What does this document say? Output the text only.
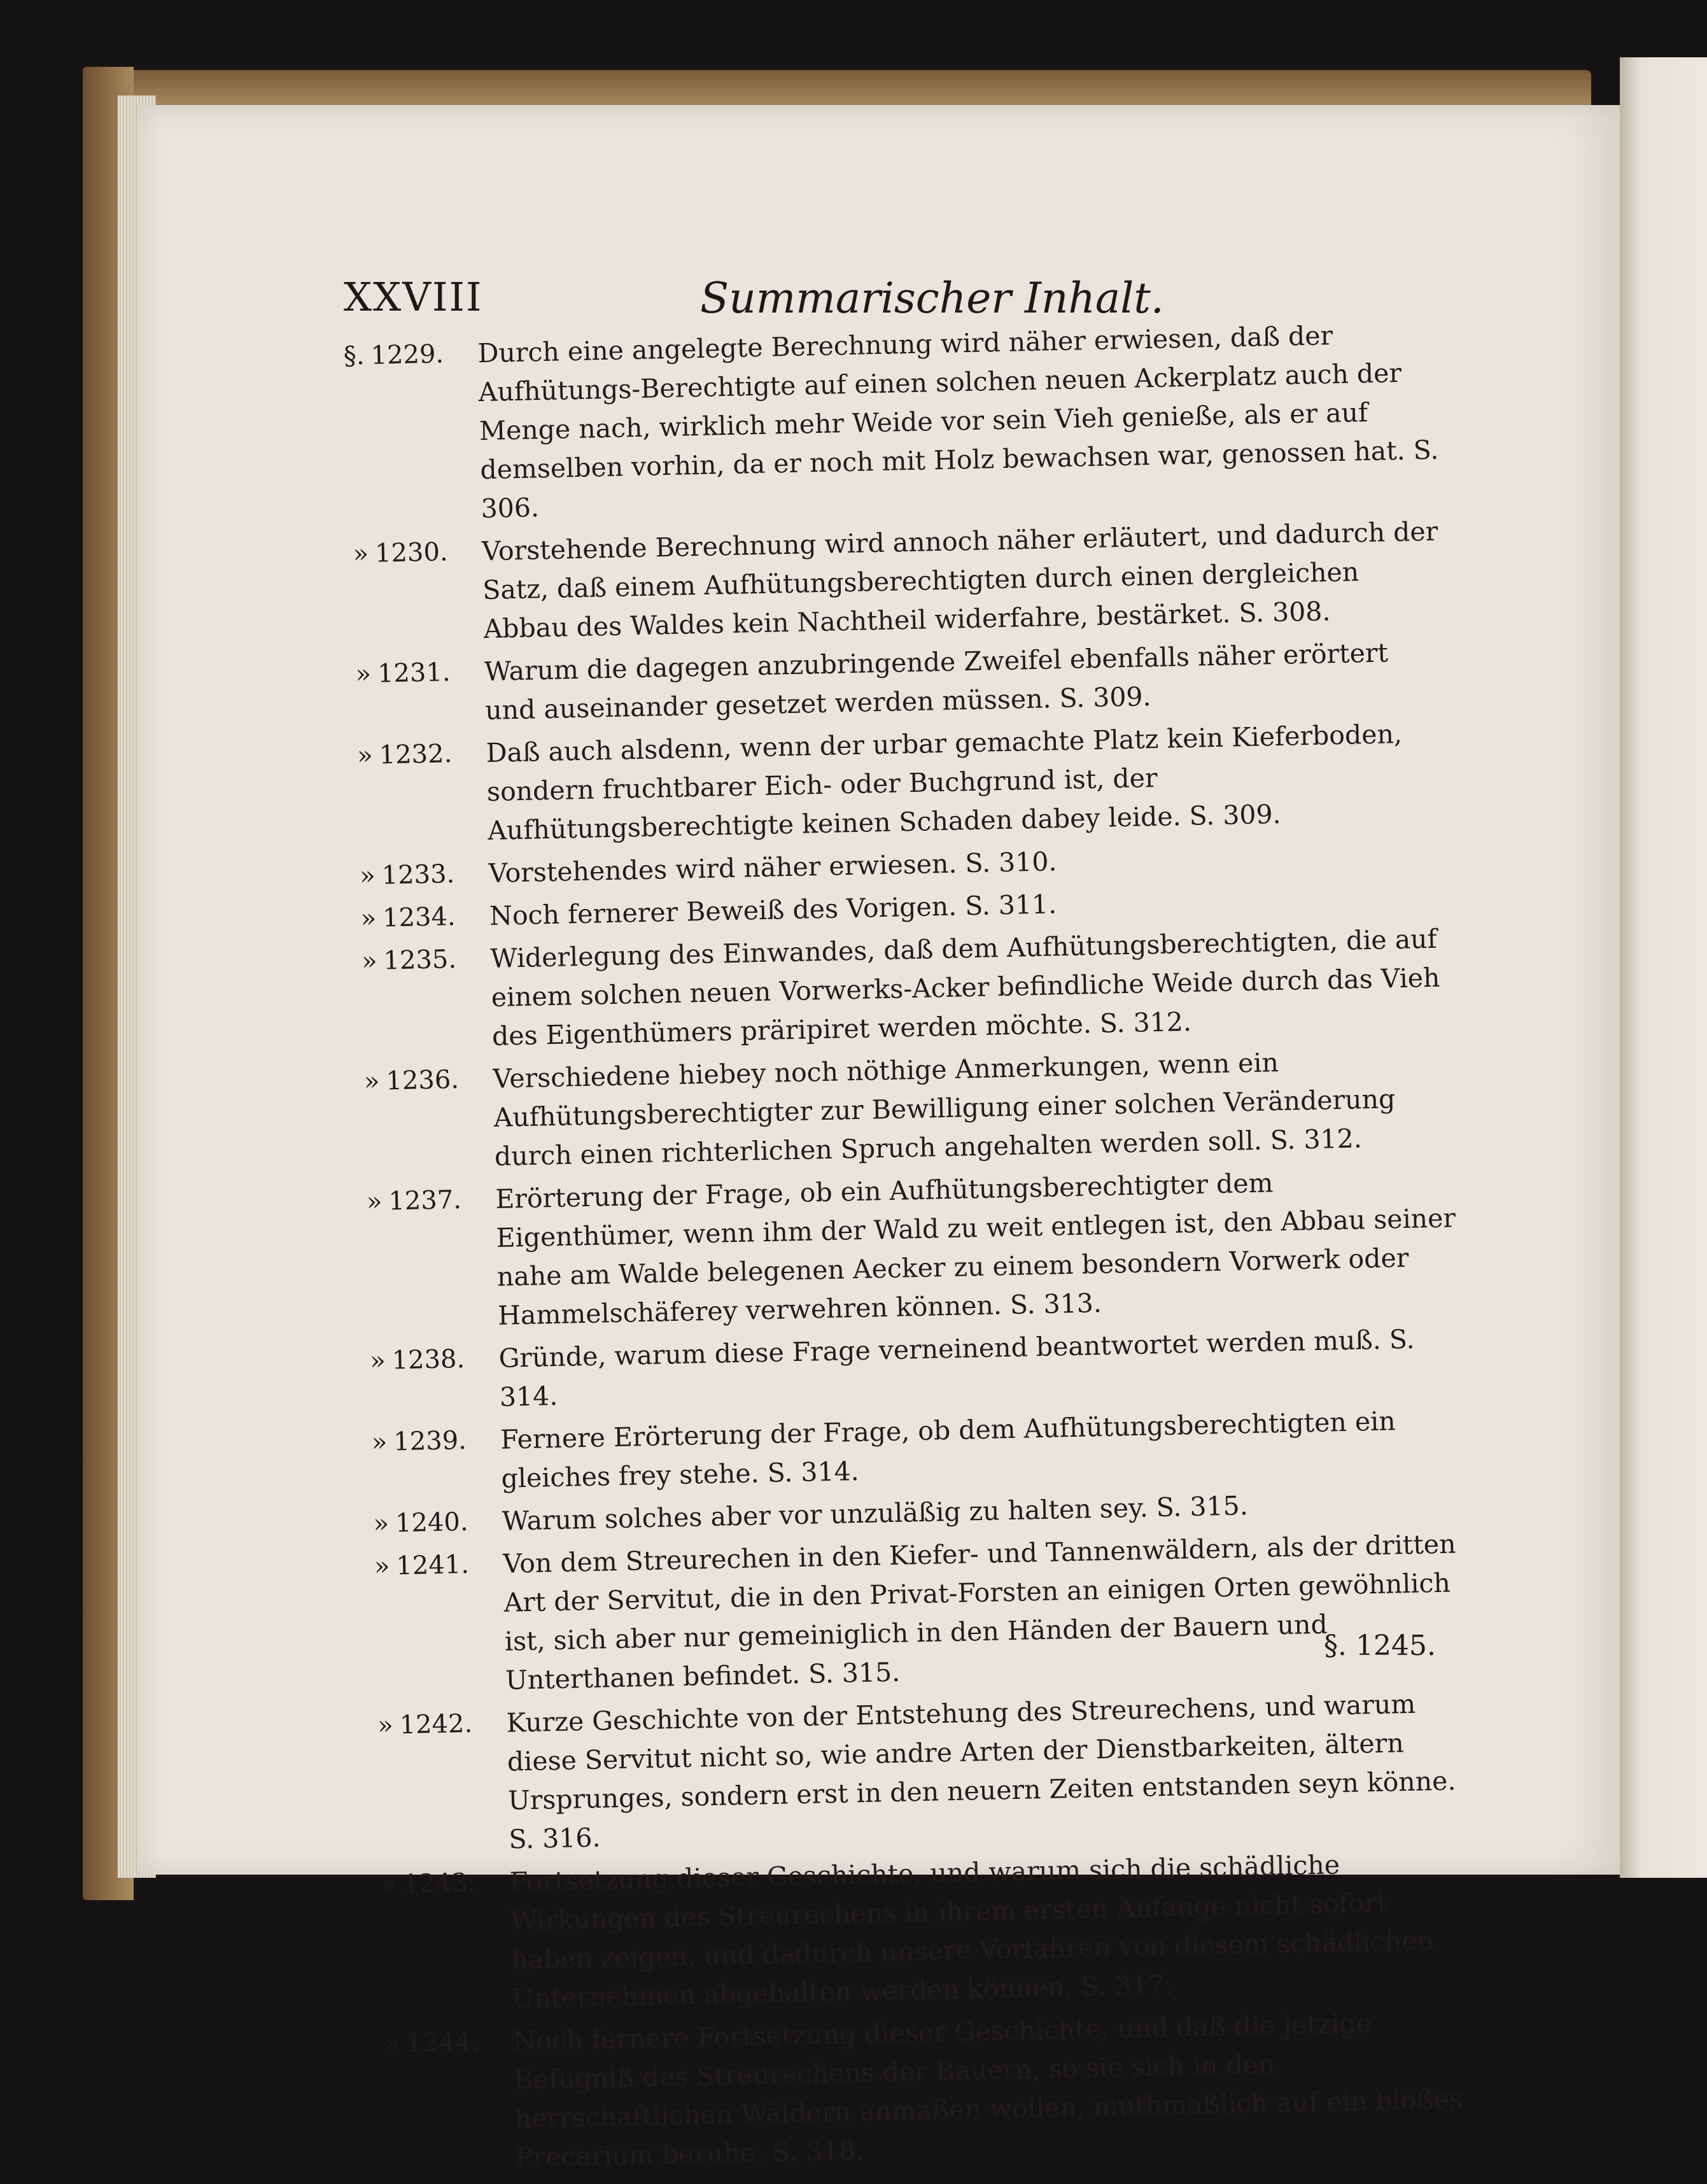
XXVIII	Summarischer Inhalt.
§. 1229. Durch eine angelegte Berechnung wird näher erwiesen, daß der Aufhütungs-Berechtigte auf einen solchen neuen Ackerplatz auch der Menge nach, wirklich mehr Weide vor sein Vieh genieße, als er auf demselben vorhin, da er noch mit Holz bewachsen war, genossen hat. S. 306.
» 1230. Vorstehende Berechnung wird annoch näher erläutert, und dadurch der Satz, daß einem Aufhütungsberechtigten durch einen dergleichen Abbau des Waldes kein Nachtheil widerfahre, bestärket. S. 308.
» 1231. Warum die dagegen anzubringende Zweifel ebenfalls näher erörtert und auseinander gesetzet werden müssen. S. 309.
» 1232. Daß auch alsdenn, wenn der urbar gemachte Platz kein Kieferboden, sondern fruchtbarer Eich- oder Buchgrund ist, der Aufhütungsberechtigte keinen Schaden dabey leide. S. 309.
» 1233. Vorstehendes wird näher erwiesen. S. 310.
» 1234. Noch fernerer Beweiß des Vorigen. S. 311.
» 1235. Widerlegung des Einwandes, daß dem Aufhütungsberechtigten, die auf einem solchen neuen Vorwerks-Acker befindliche Weide durch das Vieh des Eigenthümers präripiret werden möchte. S. 312.
» 1236. Verschiedene hiebey noch nöthige Anmerkungen, wenn ein Aufhütungsberechtigter zur Bewilligung einer solchen Veränderung durch einen richterlichen Spruch angehalten werden soll. S. 312.
» 1237. Erörterung der Frage, ob ein Aufhütungsberechtigter dem Eigenthümer, wenn ihm der Wald zu weit entlegen ist, den Abbau seiner nahe am Walde belegenen Aecker zu einem besondern Vorwerk oder Hammelschäferey verwehren können. S. 313.
» 1238. Gründe, warum diese Frage verneinend beantwortet werden muß. S. 314.
» 1239. Fernere Erörterung der Frage, ob dem Aufhütungsberechtigten ein gleiches frey stehe. S. 314.
» 1240. Warum solches aber vor unzuläßig zu halten sey. S. 315.
» 1241. Von dem Streurechen in den Kiefer- und Tannenwäldern, als der dritten Art der Servitut, die in den Privat-Forsten an einigen Orten gewöhnlich ist, sich aber nur gemeiniglich in den Händen der Bauern und Unterthanen befindet. S. 315.
» 1242. Kurze Geschichte von der Entstehung des Streurechens, und warum diese Servitut nicht so, wie andre Arten der Dienstbarkeiten, ältern Ursprunges, sondern erst in den neuern Zeiten entstanden seyn könne. S. 316.
» 1243. Fortsetzung dieser Geschichte, und warum sich die schädliche Wirkungen des Streurechens in ihrem ersten Anfange nicht sofort haben zeigen, und dadurch unsere Vorfahren von diesem schädlichen Unternehmen abgehalten werden können. S. 317.
» 1244. Noch fernere Fortsetzung dieser Geschichte, und daß die jetzige Befugniß des Streurechens der Bauern, so sie sich in den herrschaftlichen Wäldern anmaßen wollen, muthmaßlich auf ein bloßes Precarium beruhe. S. 318.
§. 1245.
